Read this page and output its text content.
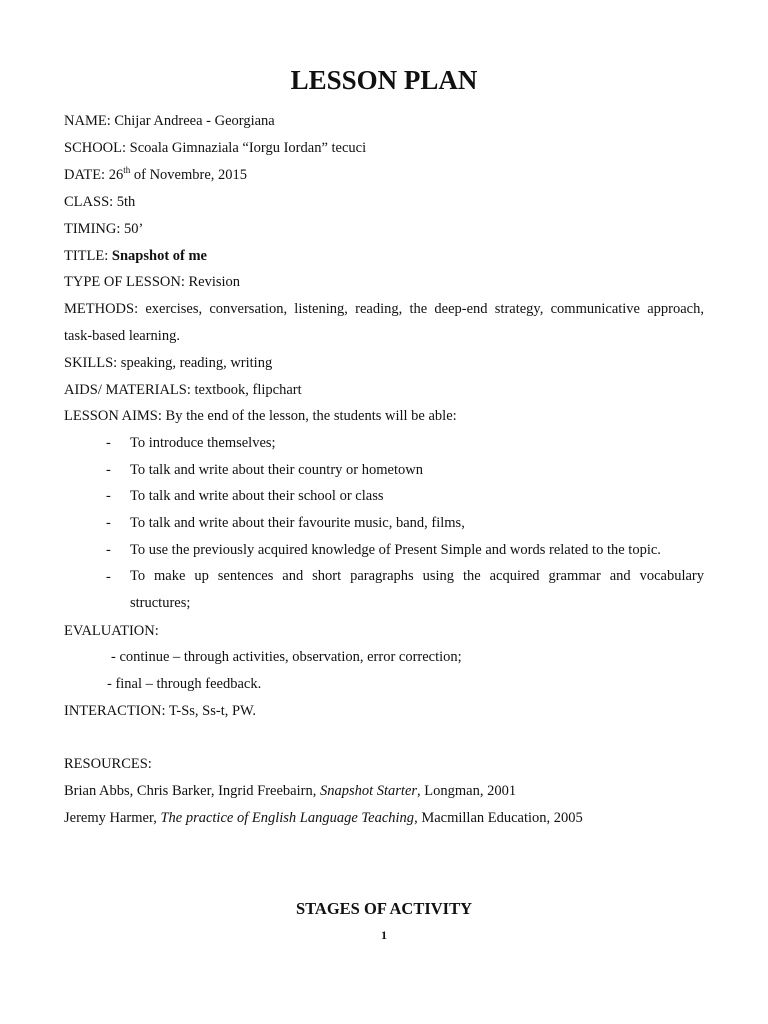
LESSON PLAN
NAME: Chijar Andreea - Georgiana
SCHOOL: Scoala Gimnaziala “Iorgu Iordan” tecuci
DATE: 26th of Novembre, 2015
CLASS: 5th
TIMING: 50’
TITLE: Snapshot of me
TYPE OF LESSON: Revision
METHODS: exercises, conversation, listening, reading, the deep-end strategy, communicative approach,
task-based learning.
SKILLS: speaking, reading, writing
AIDS/ MATERIALS: textbook, flipchart
LESSON AIMS: By the end of the lesson, the students will be able:
- To introduce themselves;
- To talk and write about their country or hometown
- To talk and write about their school or class
- To talk and write about their favourite music, band, films,
- To use the previously acquired knowledge of Present Simple and words related to the topic.
- To make up sentences and short paragraphs using the acquired grammar and vocabulary
structures;
EVALUATION:
- continue – through activities, observation, error correction;
- final – through feedback.
INTERACTION: T-Ss, Ss-t, PW.
RESOURCES:
Brian Abbs, Chris Barker, Ingrid Freebairn, Snapshot Starter, Longman, 2001
Jeremy Harmer, The practice of English Language Teaching, Macmillan Education, 2005
STAGES OF ACTIVITY
1
